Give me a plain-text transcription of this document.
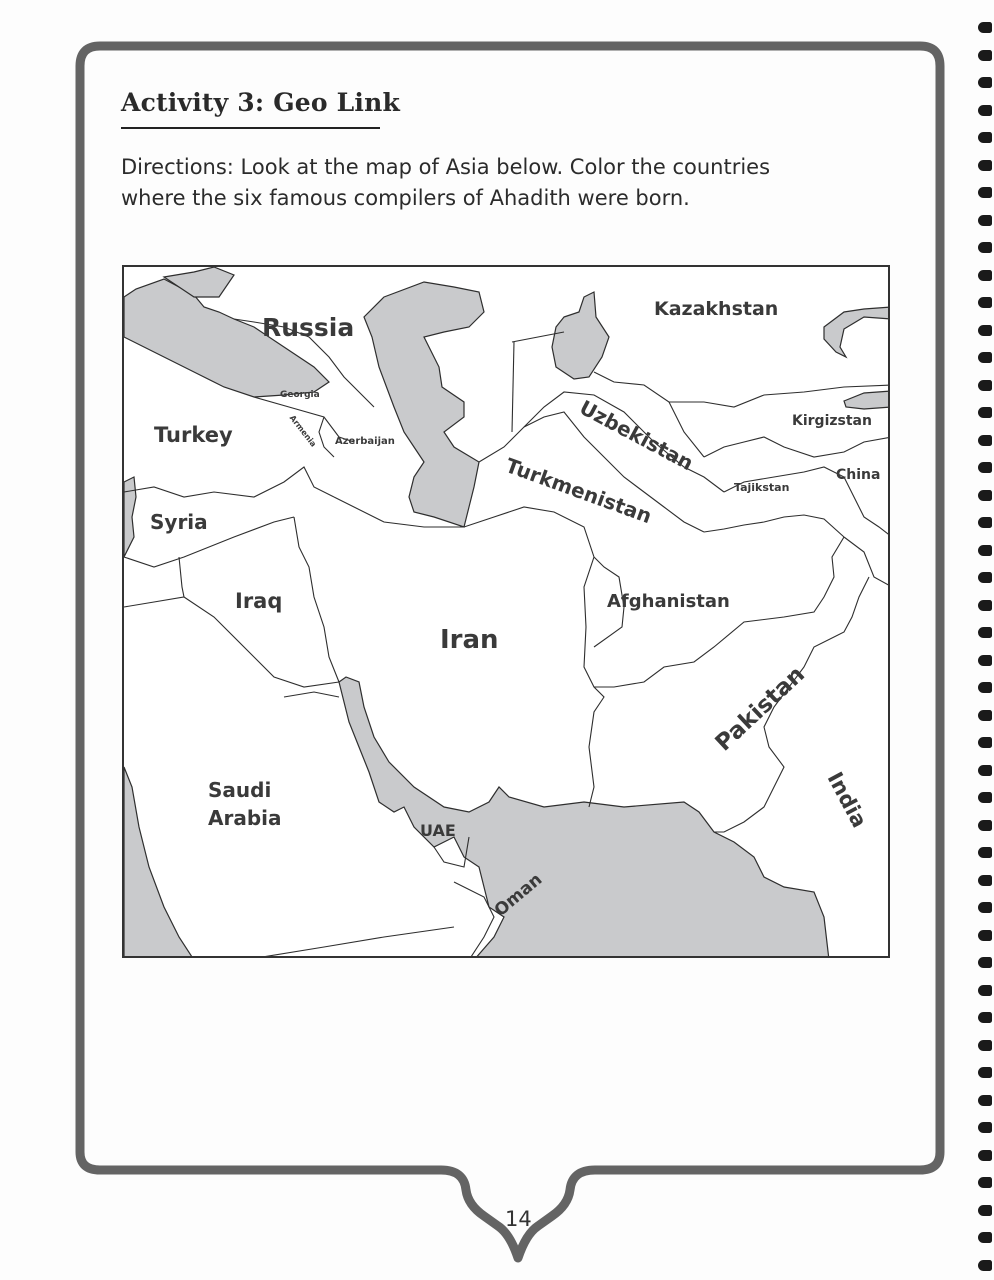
Activity 3: Geo Link
Directions: Look at the map of Asia below. Color the countries
where the six famous compilers of Ahadith were born.
Russia
Kazakhstan
Georgia
Armenia Azerbaijan
Turkey	Uzbekistan	Kirgizstan
Turkmenistan	Tajikstan
China
Syria
Iraq	Afghanistan
Iran
Pakistan
India
Saudi
Arabia
UAE
Oman
14
